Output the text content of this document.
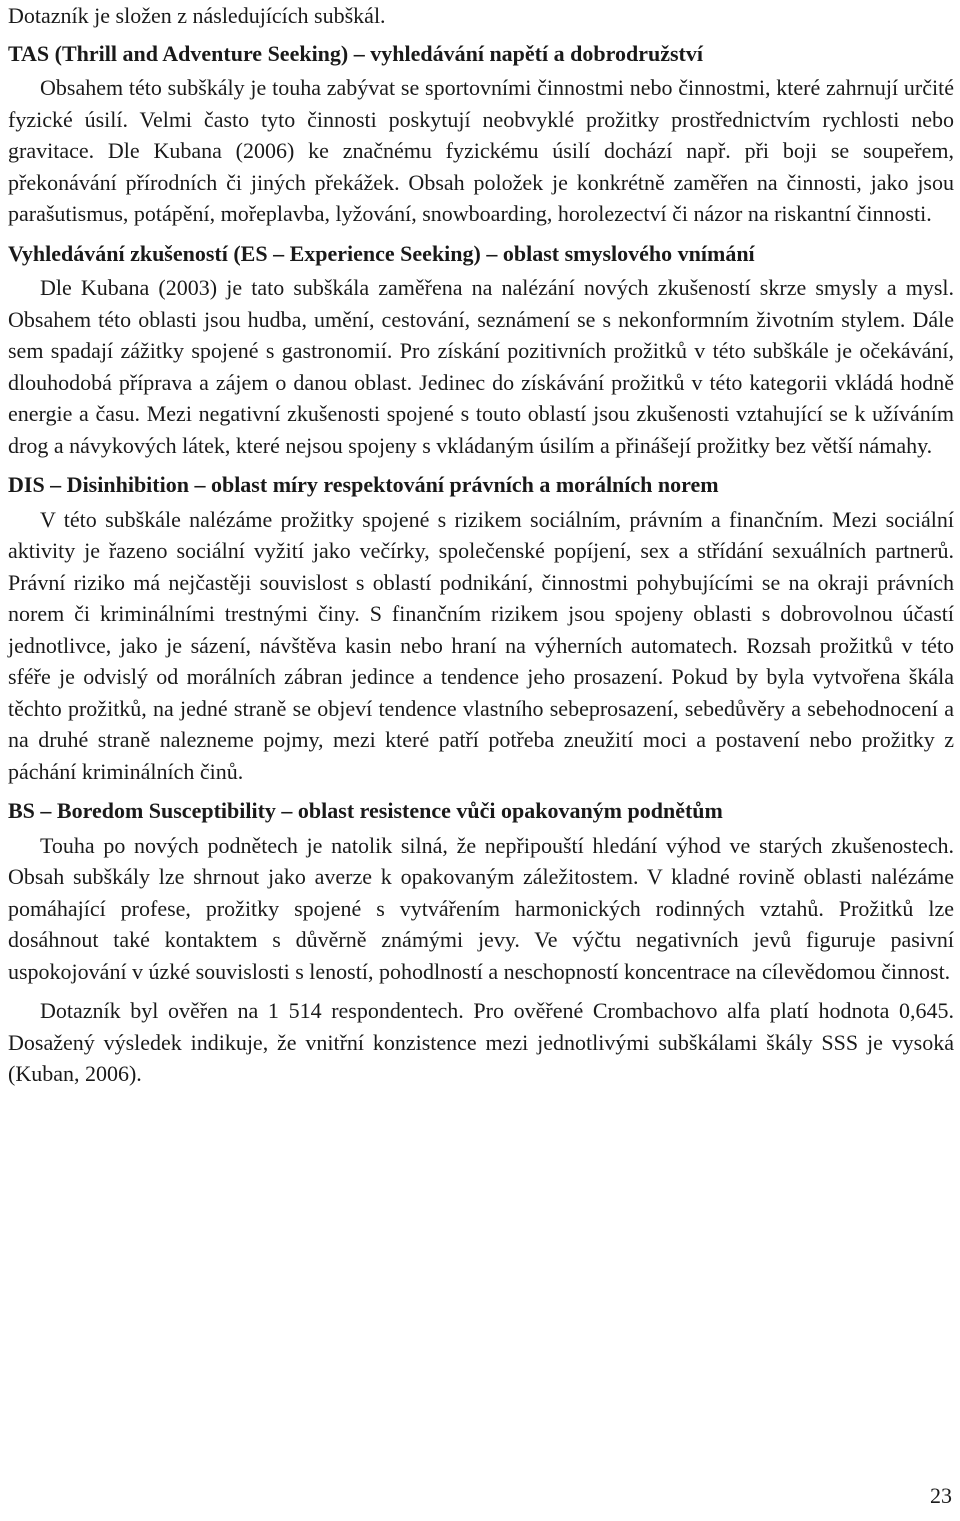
Dotazník je složen z následujících subškál.

TAS (Thrill and Adventure Seeking) – vyhledávání napětí a dobrodružství

Obsahem této subškály je touha zabývat se sportovními činnostmi nebo činnostmi, které zahrnují určité fyzické úsilí. Velmi často tyto činnosti poskytují neobvyklé prožitky prostřednictvím rychlosti nebo gravitace. Dle Kubana (2006) ke značnému fyzickému úsilí dochází např. při boji se soupeřem, překonávání přírodních či jiných překážek. Obsah položek je konkrétně zaměřen na činnosti, jako jsou parašutismus, potápění, mořeplavba, lyžování, snowboarding, horolezectví či názor na riskantní činnosti.

Vyhledávání zkušeností (ES – Experience Seeking) – oblast smyslového vnímání

Dle Kubana (2003) je tato subškála zaměřena na nalézání nových zkušeností skrze smysly a mysl. Obsahem této oblasti jsou hudba, umění, cestování, seznámení se s nekonformním životním stylem. Dále sem spadají zážitky spojené s gastronomií. Pro získání pozitivních prožitků v této subškále je očekávání, dlouhodobá příprava a zájem o danou oblast. Jedinec do získávání prožitků v této kategorii vkládá hodně energie a času. Mezi negativní zkušenosti spojené s touto oblastí jsou zkušenosti vztahující se k užíváním drog a návykových látek, které nejsou spojeny s vkládaným úsilím a přinášejí prožitky bez větší námahy.

DIS – Disinhibition – oblast míry respektování právních a morálních norem

V této subškále nalézáme prožitky spojené s rizikem sociálním, právním a finančním. Mezi sociální aktivity je řazeno sociální vyžití jako večírky, společenské popíjení, sex a střídání sexuálních partnerů. Právní riziko má nejčastěji souvislost s oblastí podnikání, činnostmi pohybujícími se na okraji právních norem či kriminálními trestnými činy. S finančním rizikem jsou spojeny oblasti s dobrovolnou účastí jednotlivce, jako je sázení, návštěva kasin nebo hraní na výherních automatech. Rozsah prožitků v této sféře je odvislý od morálních zábran jedince a tendence jeho prosazení. Pokud by byla vytvořena škála těchto prožitků, na jedné straně se objeví tendence vlastního sebeprosazení, sebedůvěry a sebehodnocení a na druhé straně nalezneme pojmy, mezi které patří potřeba zneužití moci a postavení nebo prožitky z páchání kriminálních činů.

BS – Boredom Susceptibility – oblast resistence vůči opakovaným podnětům

Touha po nových podnětech je natolik silná, že nepřipouští hledání výhod ve starých zkušenostech. Obsah subškály lze shrnout jako averze k opakovaným záležitostem. V kladné rovině oblasti nalézáme pomáhající profese, prožitky spojené s vytvářením harmonických rodinných vztahů. Prožitků lze dosáhnout také kontaktem s důvěrně známými jevy. Ve výčtu negativních jevů figuruje pasivní uspokojování v úzké souvislosti s leností, pohodlností a neschopností koncentrace na cílevědomou činnost.

Dotazník byl ověřen na 1 514 respondentech. Pro ověřené Crombachovo alfa platí hodnota 0,645. Dosažený výsledek indikuje, že vnitřní konzistence mezi jednotlivými subškálami škály SSS je vysoká (Kuban, 2006).

23
